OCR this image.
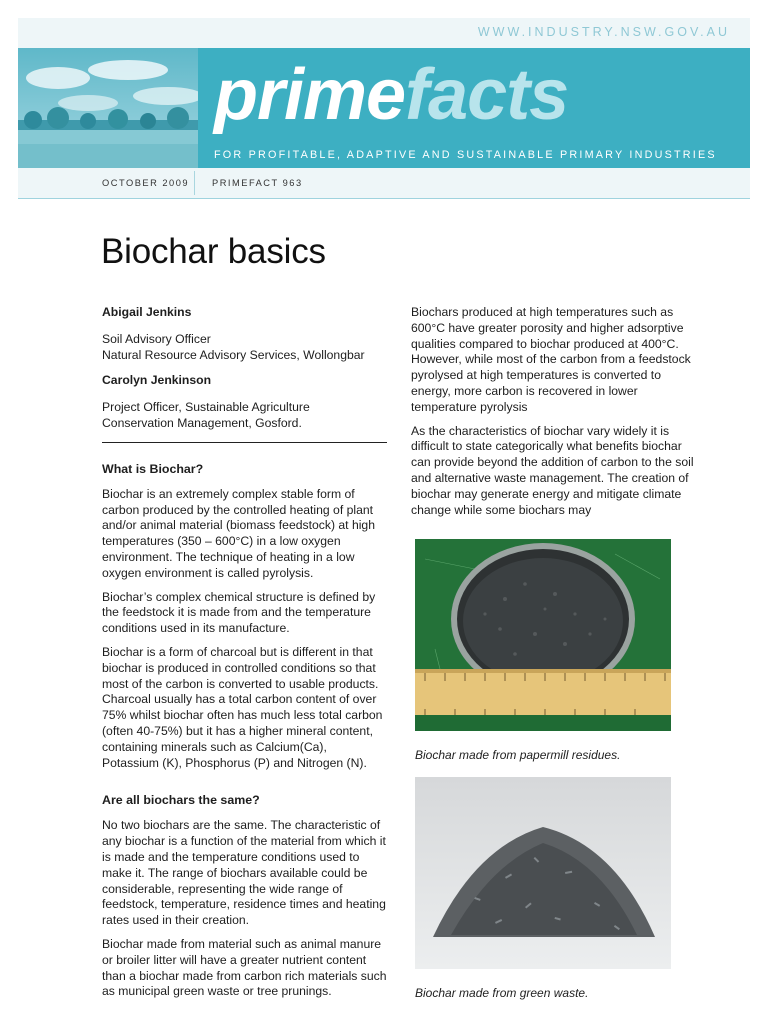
WWW.INDUSTRY.NSW.GOV.AU
primefacts
FOR PROFITABLE, ADAPTIVE AND SUSTAINABLE PRIMARY INDUSTRIES
OCTOBER 2009 PRIMEFACT 963
Biochar basics

Abigail Jenkins

Soil Advisory Officer
Natural Resource Advisory Services, Wollongbar

Carolyn Jenkinson

Project Officer, Sustainable Agriculture
Conservation Management, Gosford.

What is Biochar?

Biochar is an extremely complex stable form of carbon produced by the controlled heating of plant and/or animal material (biomass feedstock) at high temperatures (350 – 600°C) in a low oxygen environment. The technique of heating in a low oxygen environment is called pyrolysis.

Biochar’s complex chemical structure is defined by the feedstock it is made from and the temperature conditions used in its manufacture.

Biochar is a form of charcoal but is different in that biochar is produced in controlled conditions so that most of the carbon is converted to usable products. Charcoal usually has a total carbon content of over 75% whilst biochar often has much less total carbon (often 40-75%) but it has a higher mineral content, containing minerals such as Calcium(Ca), Potassium (K), Phosphorus (P) and Nitrogen (N).

Are all biochars the same?

No two biochars are the same. The characteristic of any biochar is a function of the material from which it is made and the temperature conditions used to make it. The range of biochars available could be considerable, representing the wide range of feedstock, temperature, residence times and heating rates used in their creation.

Biochar made from material such as animal manure or broiler litter will have a greater nutrient content than a biochar made from carbon rich materials such as municipal green waste or tree prunings.

Biochars produced at high temperatures such as 600°C have greater porosity and higher adsorptive qualities compared to biochar produced at 400°C. However, while most of the carbon from a feedstock pyrolysed at high temperatures is converted to energy, more carbon is recovered in lower temperature pyrolysis

As the characteristics of biochar vary widely it is difficult to state categorically what benefits biochar can provide beyond the addition of carbon to the soil and alternative waste management. The creation of biochar may generate energy and mitigate climate change while some biochars may

Biochar made from papermill residues.
Biochar made from green waste.
